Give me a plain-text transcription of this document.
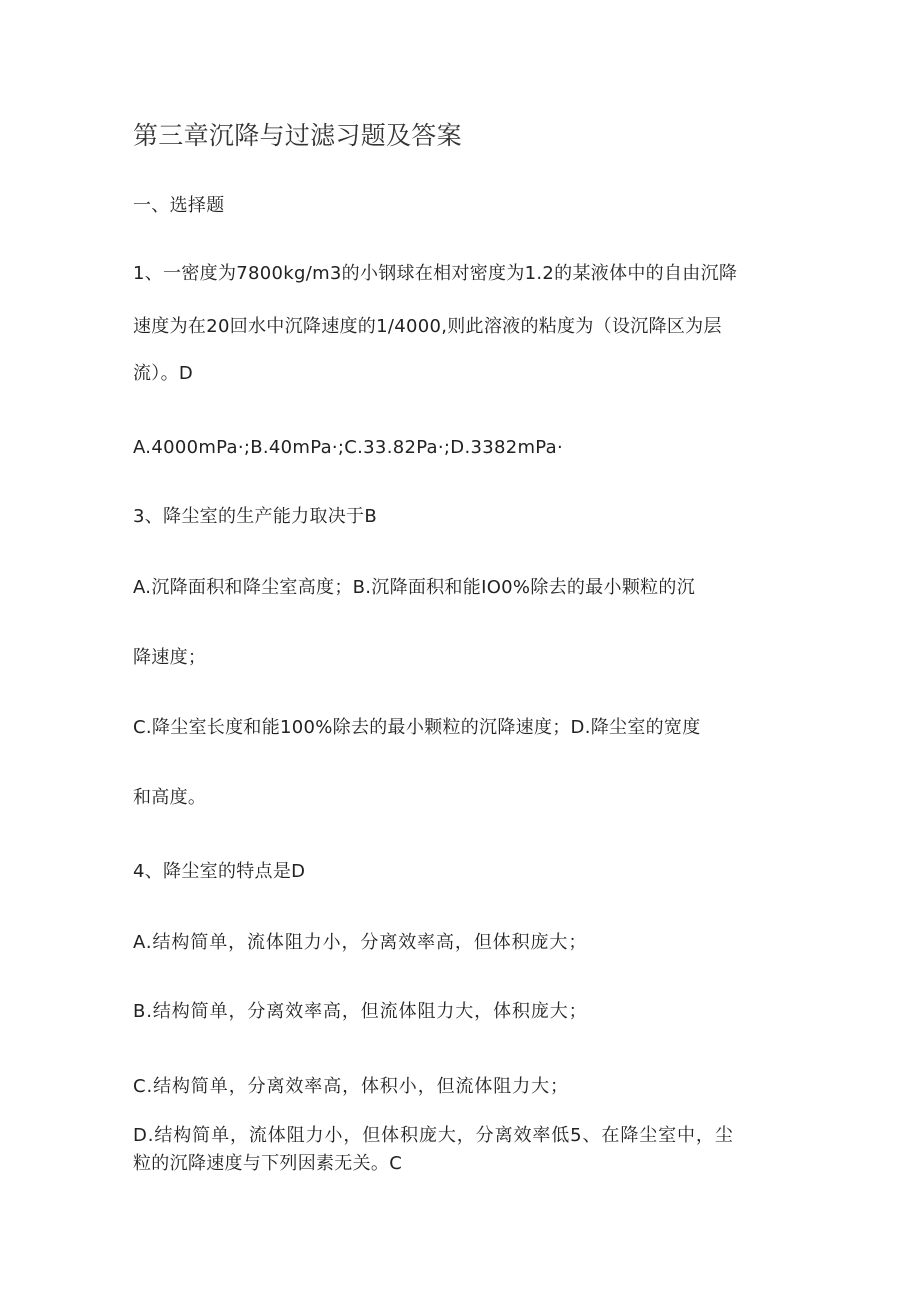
第三章沉降与过滤习题及答案
一、选择题
1、一密度为7800kg/m3的小钢球在相对密度为1.2的某液体中的自由沉降
速度为在20回水中沉降速度的1/4000,则此溶液的粘度为（设沉降区为层
流）。D
A.4000mPa·;B.40mPa·;C.33.82Pa·;D.3382mPa·
3、降尘室的生产能力取决于B
A.沉降面积和降尘室高度；B.沉降面积和能IO0%除去的最小颗粒的沉
降速度；
C.降尘室长度和能100%除去的最小颗粒的沉降速度；D.降尘室的宽度
和高度。
4、降尘室的特点是D
A.结构简单，流体阻力小，分离效率高，但体积庞大；
B.结构简单，分离效率高，但流体阻力大，体积庞大；
C.结构简单，分离效率高，体积小，但流体阻力大；
D.结构简单，流体阻力小，但体积庞大，分离效率低5、在降尘室中，尘
粒的沉降速度与下列因素无关。C
